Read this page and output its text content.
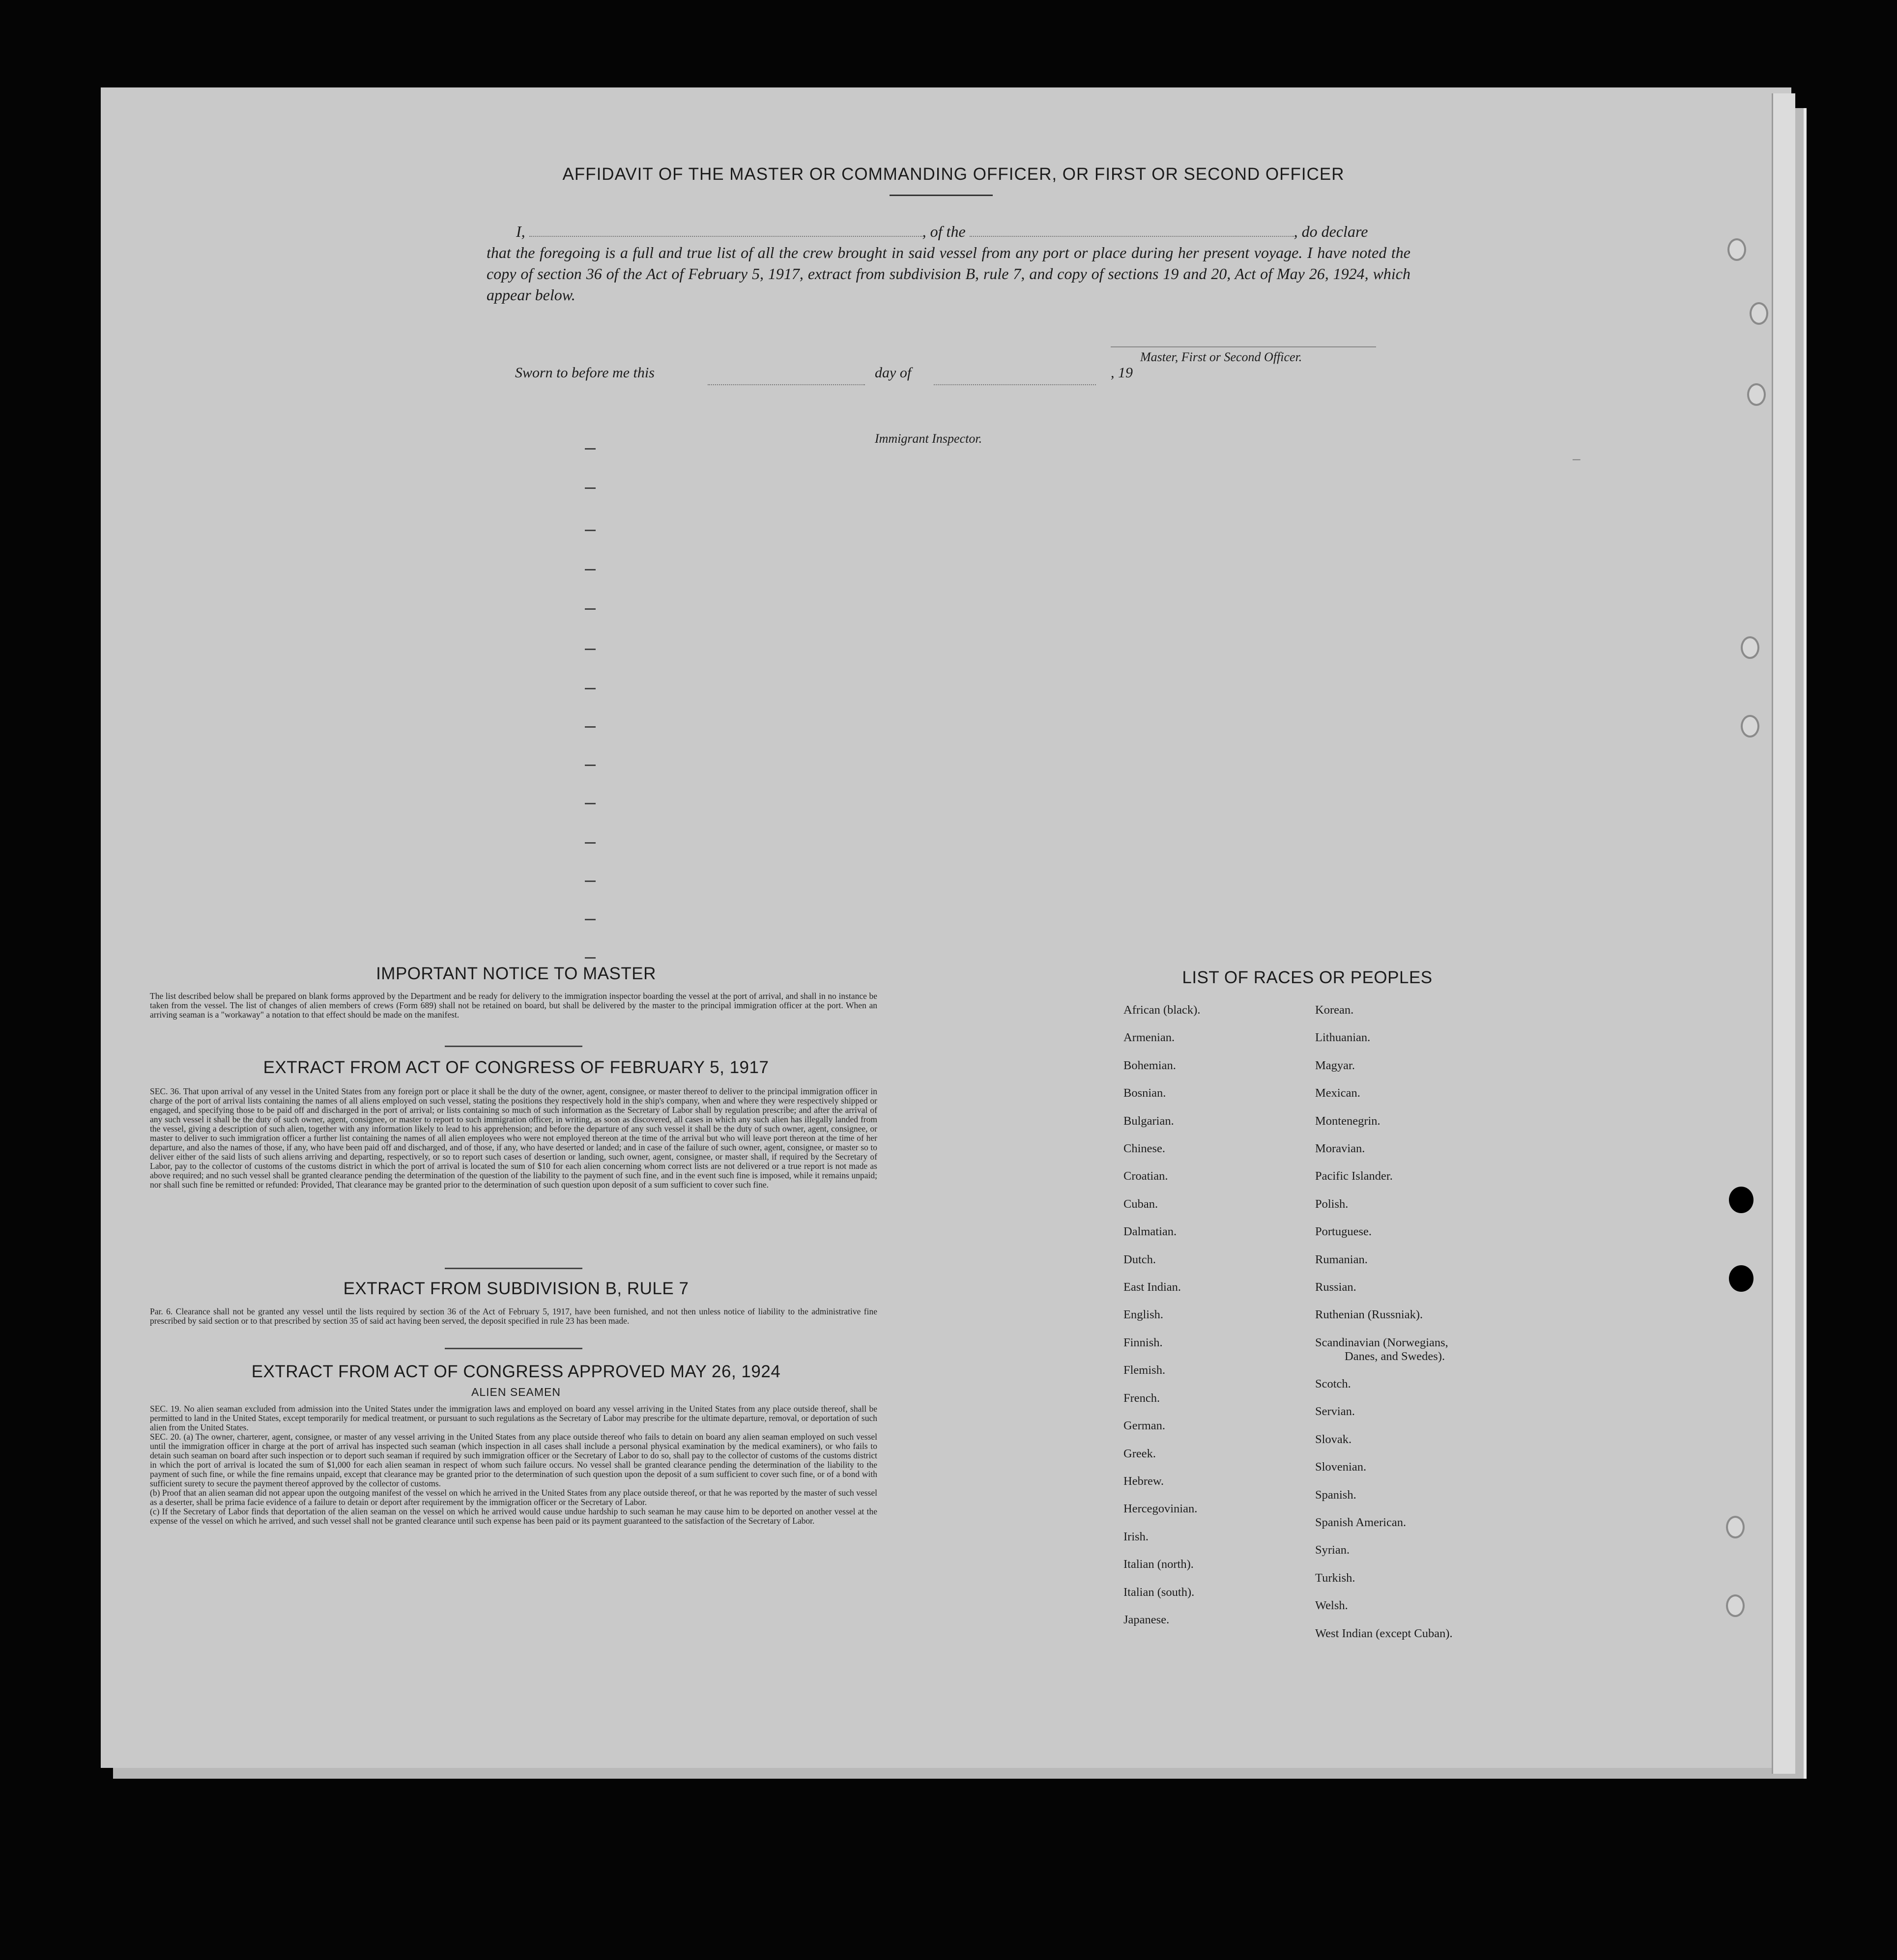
AFFIDAVIT OF THE MASTER OR COMMANDING OFFICER, OR FIRST OR SECOND OFFICER
I,	, of the	, do declare
that the foregoing is a full and true list of all the crew brought in said vessel from any port or place during her present voyage. I have noted the copy of section 36 of the Act of February 5, 1917, extract from subdivision B, rule 7, and copy of sections 19 and 20, Act of May 26, 1924, which appear below.
Master, First or Second Officer.
Sworn to before me this	day of	, 19
Immigrant Inspector.
IMPORTANT NOTICE TO MASTER
The list described below shall be prepared on blank forms approved by the Department and be ready for delivery to the immigration inspector boarding the vessel at the port of arrival, and shall in no instance be taken from the vessel. The list of changes of alien members of crews (Form 689) shall not be retained on board, but shall be delivered by the master to the principal immigration officer at the port. When an arriving seaman is a "workaway" a notation to that effect should be made on the manifest.
EXTRACT FROM ACT OF CONGRESS OF FEBRUARY 5, 1917
SEC. 36. That upon arrival of any vessel in the United States from any foreign port or place it shall be the duty of the owner, agent, consignee, or master thereof to deliver to the principal immigration officer in charge of the port of arrival lists containing the names of all aliens employed on such vessel, stating the positions they respectively hold in the ship's company, when and where they were respectively shipped or engaged, and specifying those to be paid off and discharged in the port of arrival; or lists containing so much of such information as the Secretary of Labor shall by regulation prescribe; and after the arrival of any such vessel it shall be the duty of such owner, agent, consignee, or master to report to such immigration officer, in writing, as soon as discovered, all cases in which any such alien has illegally landed from the vessel, giving a description of such alien, together with any information likely to lead to his apprehension; and before the departure of any such vessel it shall be the duty of such owner, agent, consignee, or master to deliver to such immigration officer a further list containing the names of all alien employees who were not employed thereon at the time of the arrival but who will leave port thereon at the time of her departure, and also the names of those, if any, who have been paid off and discharged, and of those, if any, who have deserted or landed; and in case of the failure of such owner, agent, consignee, or master so to deliver either of the said lists of such aliens arriving and departing, respectively, or so to report such cases of desertion or landing, such owner, agent, consignee, or master shall, if required by the Secretary of Labor, pay to the collector of customs of the customs district in which the port of arrival is located the sum of $10 for each alien concerning whom correct lists are not delivered or a true report is not made as above required; and no such vessel shall be granted clearance pending the determination of the question of the liability to the payment of such fine, and in the event such fine is imposed, while it remains unpaid; nor shall such fine be remitted or refunded: Provided, That clearance may be granted prior to the determination of such question upon deposit of a sum sufficient to cover such fine.
EXTRACT FROM SUBDIVISION B, RULE 7
Par. 6. Clearance shall not be granted any vessel until the lists required by section 36 of the Act of February 5, 1917, have been furnished, and not then unless notice of liability to the administrative fine prescribed by said section or to that prescribed by section 35 of said act having been served, the deposit specified in rule 23 has been made.
EXTRACT FROM ACT OF CONGRESS APPROVED MAY 26, 1924
ALIEN SEAMEN
SEC. 19. No alien seaman excluded from admission into the United States under the immigration laws and employed on board any vessel arriving in the United States from any place outside thereof, shall be permitted to land in the United States, except temporarily for medical treatment, or pursuant to such regulations as the Secretary of Labor may prescribe for the ultimate departure, removal, or deportation of such alien from the United States.
SEC. 20. (a) The owner, charterer, agent, consignee, or master of any vessel arriving in the United States from any place outside thereof who fails to detain on board any alien seaman employed on such vessel until the immigration officer in charge at the port of arrival has inspected such seaman (which inspection in all cases shall include a personal physical examination by the medical examiners), or who fails to detain such seaman on board after such inspection or to deport such seaman if required by such immigration officer or the Secretary of Labor to do so, shall pay to the collector of customs of the customs district in which the port of arrival is located the sum of $1,000 for each alien seaman in respect of whom such failure occurs. No vessel shall be granted clearance pending the determination of the liability to the payment of such fine, or while the fine remains unpaid, except that clearance may be granted prior to the determination of such question upon the deposit of a sum sufficient to cover such fine, or of a bond with sufficient surety to secure the payment thereof approved by the collector of customs.
(b) Proof that an alien seaman did not appear upon the outgoing manifest of the vessel on which he arrived in the United States from any place outside thereof, or that he was reported by the master of such vessel as a deserter, shall be prima facie evidence of a failure to detain or deport after requirement by the immigration officer or the Secretary of Labor.
(c) If the Secretary of Labor finds that deportation of the alien seaman on the vessel on which he arrived would cause undue hardship to such seaman he may cause him to be deported on another vessel at the expense of the vessel on which he arrived, and such vessel shall not be granted clearance until such expense has been paid or its payment guaranteed to the satisfaction of the Secretary of Labor.
LIST OF RACES OR PEOPLES
African (black).
Armenian.
Bohemian.
Bosnian.
Bulgarian.
Chinese.
Croatian.
Cuban.
Dalmatian.
Dutch.
East Indian.
English.
Finnish.
Flemish.
French.
German.
Greek.
Hebrew.
Hercegovinian.
Irish.
Italian (north).
Italian (south).
Japanese.
Korean.
Lithuanian.
Magyar.
Mexican.
Montenegrin.
Moravian.
Pacific Islander.
Polish.
Portuguese.
Rumanian.
Russian.
Ruthenian (Russniak).
Scandinavian (Norwegians,
Danes, and Swedes).
Scotch.
Servian.
Slovak.
Slovenian.
Spanish.
Spanish American.
Syrian.
Turkish.
Welsh.
West Indian (except Cuban).
—
